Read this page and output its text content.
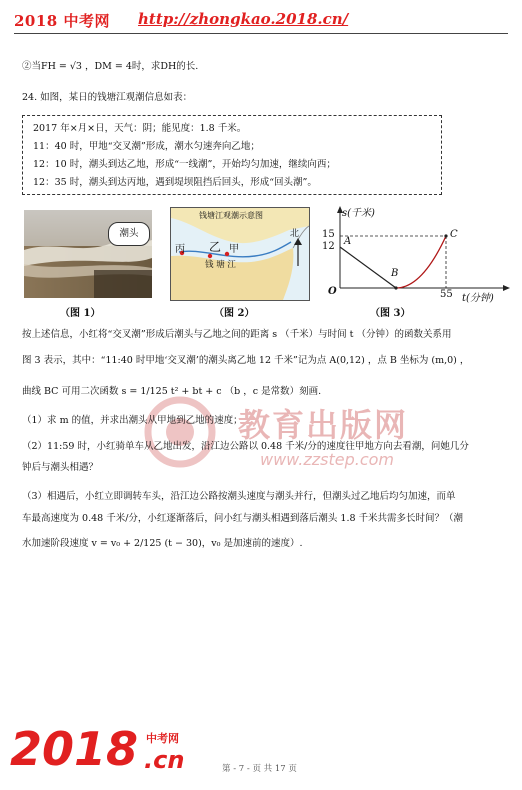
2018 中考网 http://zhongkao.2018.cn/
教育出版网
www.zzstep.com
②当FH = √3 ，DM = 4时，求DH的长.
24. 如图，某日的钱塘江观潮信息如表：
2017 年×月×日，天气：阴；能见度：1.8 千米。
11：40 时，甲地“交叉潮”形成，潮水匀速奔向乙地；
12：10 时，潮头到达乙地，形成“一线潮”，开始均匀加速，继续向西；
12：35 时，潮头到达丙地，遇到堤坝阻挡后回头，形成“回头潮”。
潮头
（图 1）
钱塘江观潮示意图
丙 乙 甲
钱 塘 江
北
（图 2）
s(千米)
15
12 A
B
C
O	55 t(分钟)
（图 3）
按上述信息，小红将“交叉潮”形成后潮头与乙地之间的距离 s （千米）与时间 t （分钟）的函数关系用
图 3 表示，其中：“11:40 时甲地‘交叉潮’的潮头离乙地 12 千米”记为点 A(0,12) ，点 B 坐标为 (m,0) ，
曲线 BC 可用二次函数 s = 1/125 t² + bt + c （b ，c 是常数）刻画.
（1）求 m 的值，并求出潮头从甲地到乙地的速度；
（2）11:59 时，小红骑单车从乙地出发，沿江边公路以 0.48 千米/分的速度往甲地方向去看潮，问她几分
钟后与潮头相遇？
（3）相遇后，小红立即调转车头，沿江边公路按潮头速度与潮头并行，但潮头过乙地后均匀加速，而单
车最高速度为 0.48 千米/分，小红逐渐落后，问小红与潮头相遇到落后潮头 1.8 千米共需多长时间？（潮
水加速阶段速度 v = v₀ + 2/125 (t − 30)，v₀ 是加速前的速度）.
2018 中考网
.cn	第 - 7 - 页 共 17 页
